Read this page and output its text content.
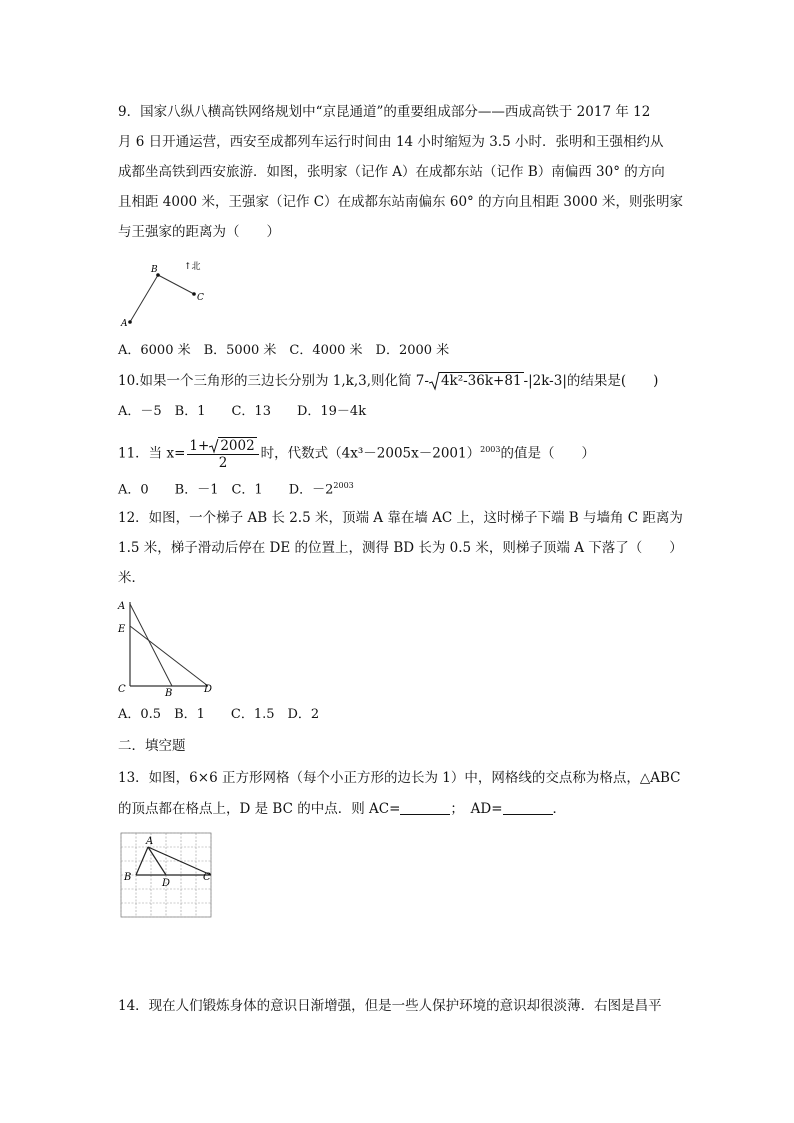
9．国家八纵八横高铁网络规划中“京昆通道”的重要组成部分——西成高铁于 2017 年 12
月 6 日开通运营，西安至成都列车运行时间由 14 小时缩短为 3.5 小时．张明和王强相约从
成都坐高铁到西安旅游．如图，张明家（记作 A）在成都东站（记作 B）南偏西 30° 的方向
且相距 4000 米，王强家（记作 C）在成都东站南偏东 60° 的方向且相距 3000 米，则张明家
与王强家的距离为（　　）
A
B
C
↑北
A．6000 米　B．5000 米　C．4000 米　D．2000 米
10.如果一个三角形的三边长分别为 1,k,3,则化简 7- 4k²-36k+81 -|2k-3|的结果是(　　)
A．－5　B．1　　C．13　　D．19－4k
11．当 $x= \frac{1+ 2002}{2}$ 时，代数式$(4x^3-2005x-2001)^{2003}$的值是（　　）
A．0　　B．－1　C．1　　D．$-2^{2003}$
12．如图，一个梯子 AB 长 2.5 米，顶端 A 靠在墙 AC 上，这时梯子下端 B 与墙角 C 距离为
1.5 米，梯子滑动后停在 DE 的位置上，测得 BD 长为 0.5 米，则梯子顶端 A 下落了（　　）
米．
A
E
C	B	D
A．0.5　B．1　　C．1.5　D．2
二．填空题
13．如图，6×6 正方形网格（每个小正方形的边长为 1）中，网格线的交点称为格点，△ABC
的顶点都在格点上，D 是 BC 的中点．则 AC=	；　AD=	．
A
B
D
C
14．现在人们锻炼身体的意识日渐增强，但是一些人保护环境的意识却很淡薄．右图是昌平
